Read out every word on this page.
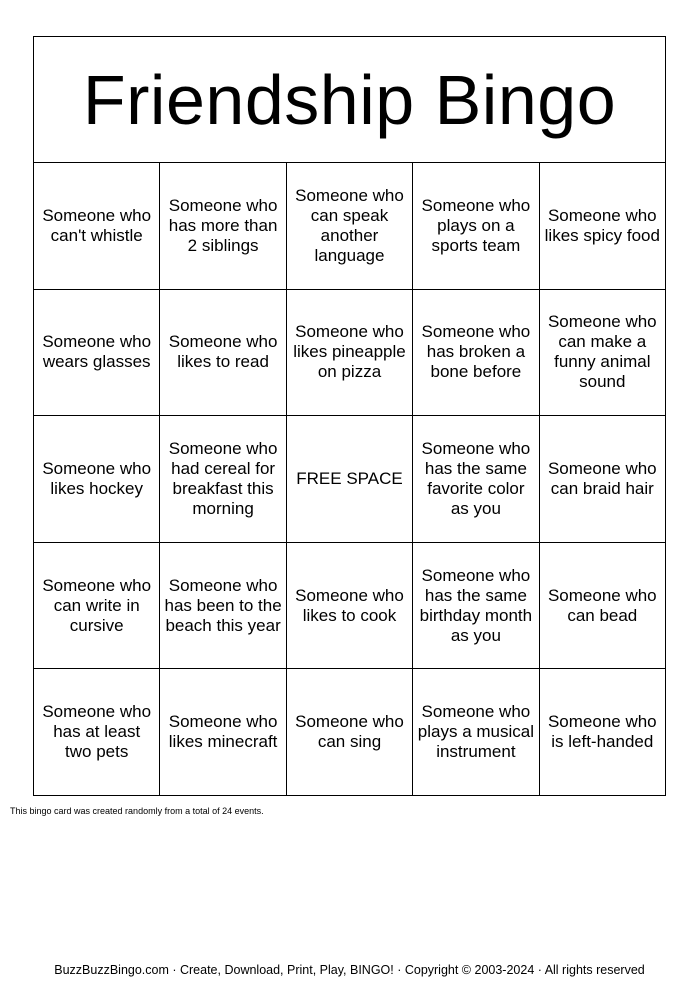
Friendship Bingo
Someone who can't whistle
Someone who has more than 2 siblings
Someone who can speak another language
Someone who plays on a sports team
Someone who likes spicy food
Someone who wears glasses
Someone who likes to read
Someone who likes pineapple on pizza
Someone who has broken a bone before
Someone who can make a funny animal sound
Someone who likes hockey
Someone who had cereal for breakfast this morning
FREE SPACE
Someone who has the same favorite color as you
Someone who can braid hair
Someone who can write in cursive
Someone who has been to the beach this year
Someone who likes to cook
Someone who has the same birthday month as you
Someone who can bead
Someone who has at least two pets
Someone who likes minecraft
Someone who can sing
Someone who plays a musical instrument
Someone who is left-handed
This bingo card was created randomly from a total of 24 events.
BuzzBuzzBingo.com · Create, Download, Print, Play, BINGO! · Copyright © 2003-2024 · All rights reserved
